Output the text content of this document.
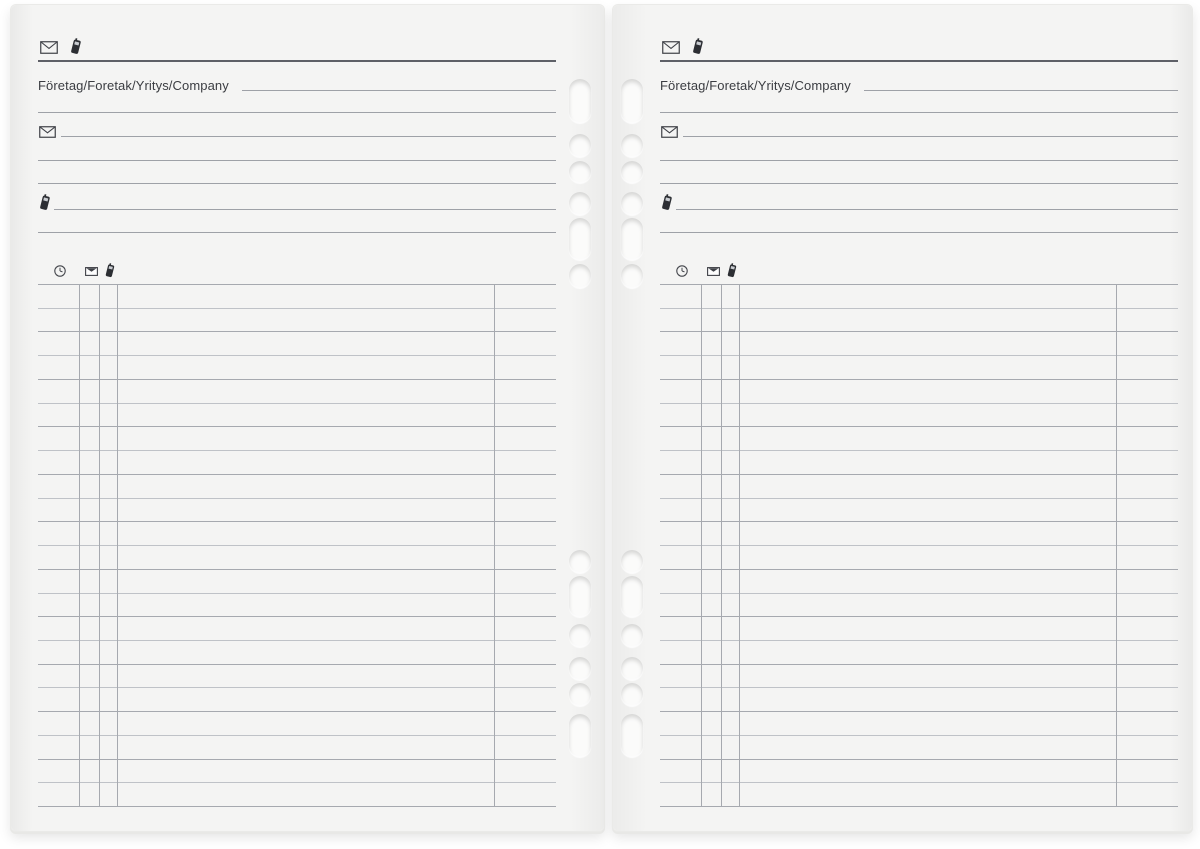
Företag/Foretak/Yritys/Company	Företag/Foretak/Yritys/Company
